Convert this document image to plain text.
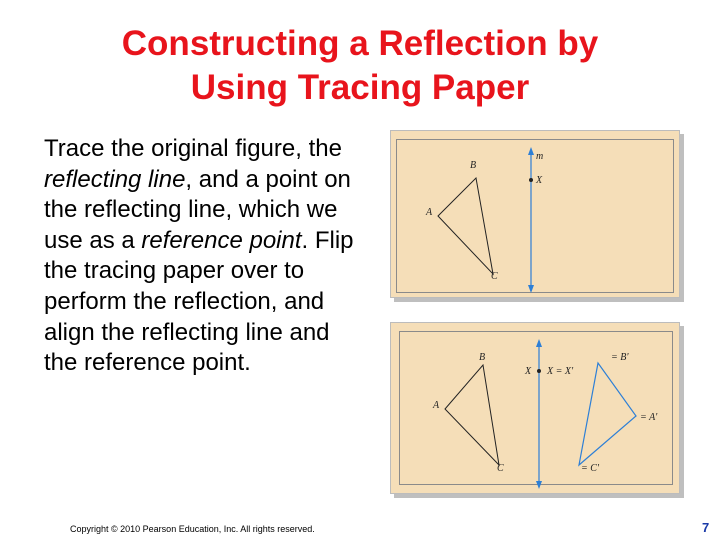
Constructing a Reflection by
Using Tracing Paper
Trace the original figure, the reflecting line, and a point on the reflecting line, which we use as a reference point. Flip the tracing paper over to perform the reflection, and align the reflecting line and the reference point.
B
A
C
m
X
B
A
C
X X = X'
= B'
= A'
= C'
Copyright © 2010 Pearson Education, Inc. All rights reserved.	7
